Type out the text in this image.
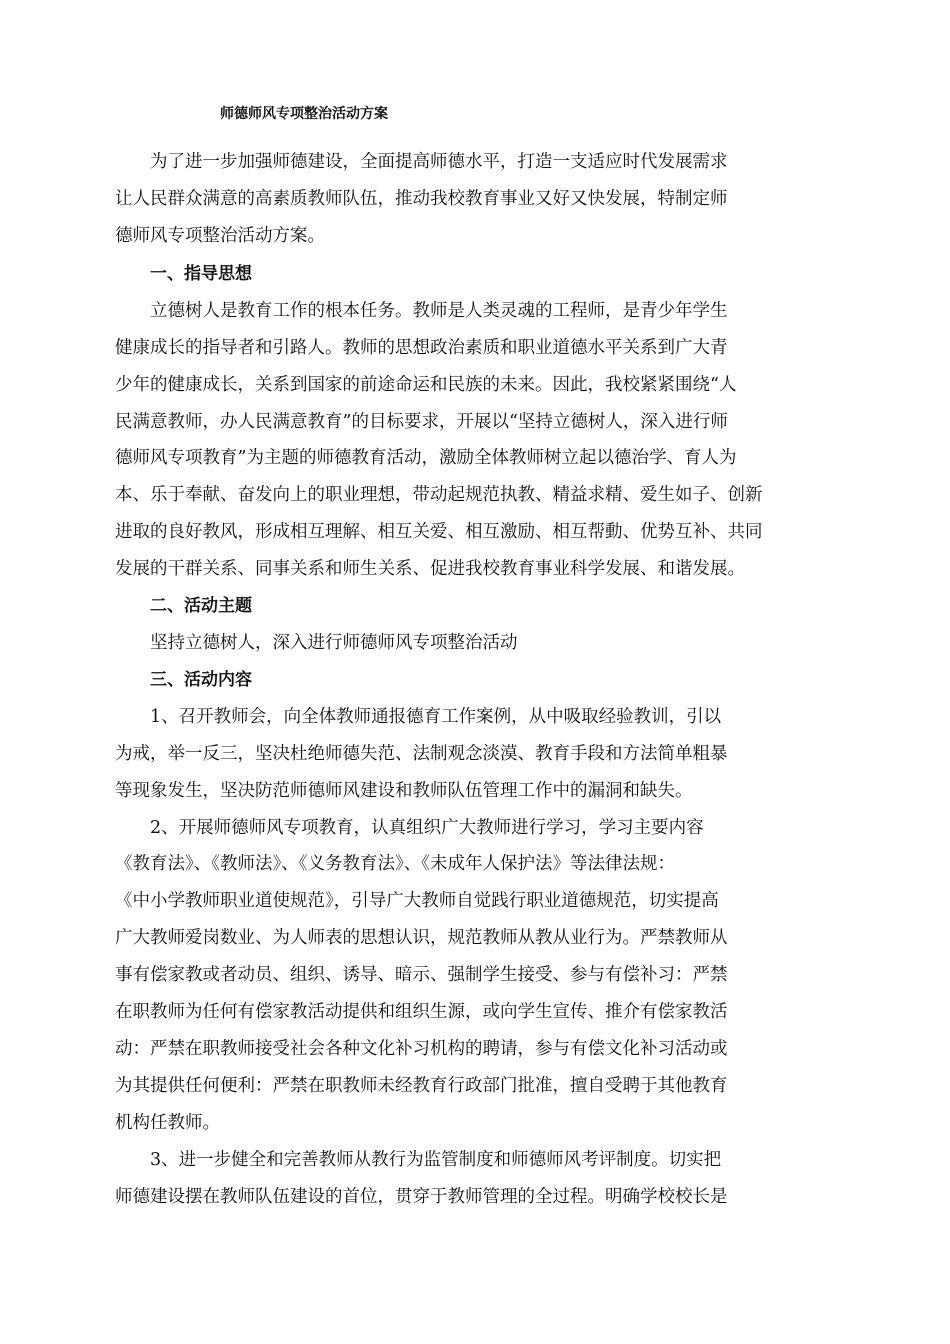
师德师风专项整治活动方案
为了进一步加强师德建设，全面提高师德水平，打造一支适应时代发展需求
让人民群众满意的高素质教师队伍，推动我校教育事业又好又快发展，特制定师
德师风专项整治活动方案。
一、指导思想
立德树人是教育工作的根本任务。教师是人类灵魂的工程师，是青少年学生
健康成长的指导者和引路人。教师的思想政治素质和职业道德水平关系到广大青
少年的健康成长，关系到国家的前途命运和民族的未来。因此，我校紧紧围绕“人
民满意教师，办人民满意教育”的目标要求，开展以“坚持立德树人，深入进行师
德师风专项教育”为主题的师德教育活动，激励全体教师树立起以德治学、育人为
本、乐于奉献、奋发向上的职业理想，带动起规范执教、精益求精、爱生如子、创新
进取的良好教风，形成相互理解、相互关爱、相互激励、相互帮動、优势互补、共同
发展的干群关系、同事关系和师生关系、促进我校教育事业科学发展、和谐发展。
二、活动主题
坚持立德树人，深入进行师德师风专项整治活动
三、活动内容
1、召开教师会，向全体教师通报德育工作案例，从中吸取经验教训，引以
为戒，举一反三，坚决杜绝师德失范、法制观念淡漠、教育手段和方法简单粗暴
等现象发生，坚决防范师德师风建设和教师队伍管理工作中的漏洞和缺失。
2、开展师德师风专项教育，认真组织广大教师进行学习，学习主要内容
《教育法》、《教师法》、《义务教育法》、《未成年人保护法》等法律法规：
《中小学教师职业道使规范》，引导广大教师自觉践行职业道德规范，切实提高
广大教师爱岗数业、为人师表的思想认识，规范教师从教从业行为。严禁教师从
事有偿家教或者动员、组织、诱导、暗示、强制学生接受、参与有偿补习：严禁
在职教师为任何有偿家教活动提供和组织生源，或向学生宣传、推介有偿家教活
动：严禁在职教师接受社会各种文化补习机构的聘请，参与有偿文化补习活动或
为其提供任何便利：严禁在职教师未经教育行政部门批准，擅自受聘于其他教育
机构任教师。
3、进一步健全和完善教师从教行为监管制度和师德师风考评制度。切实把
师德建设摆在教师队伍建设的首位，贯穿于教师管理的全过程。明确学校校长是
